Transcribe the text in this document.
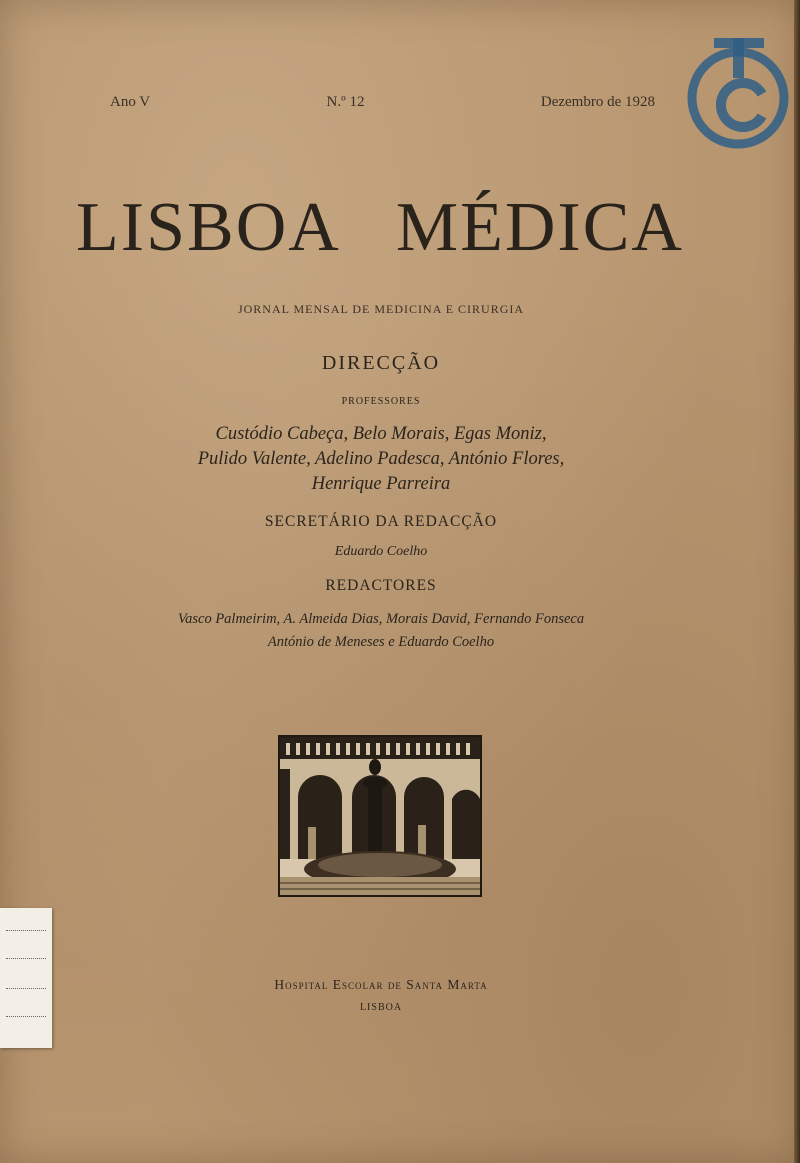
Ano V	N.º 12	Dezembro de 1928
LISBOA MÉDICA
JORNAL MENSAL DE MEDICINA E CIRURGIA
DIRECÇÃO
PROFESSORES
Custódio Cabeça, Belo Morais, Egas Moniz,
Pulido Valente, Adelino Padesca, António Flores,
Henrique Parreira
SECRETÁRIO DA REDACÇÃO
Eduardo Coelho
REDACTORES
Vasco Palmeirim, A. Almeida Dias, Morais David, Fernando Fonseca
António de Meneses e Eduardo Coelho
Hospital Escolar de Santa Marta
LISBOA
